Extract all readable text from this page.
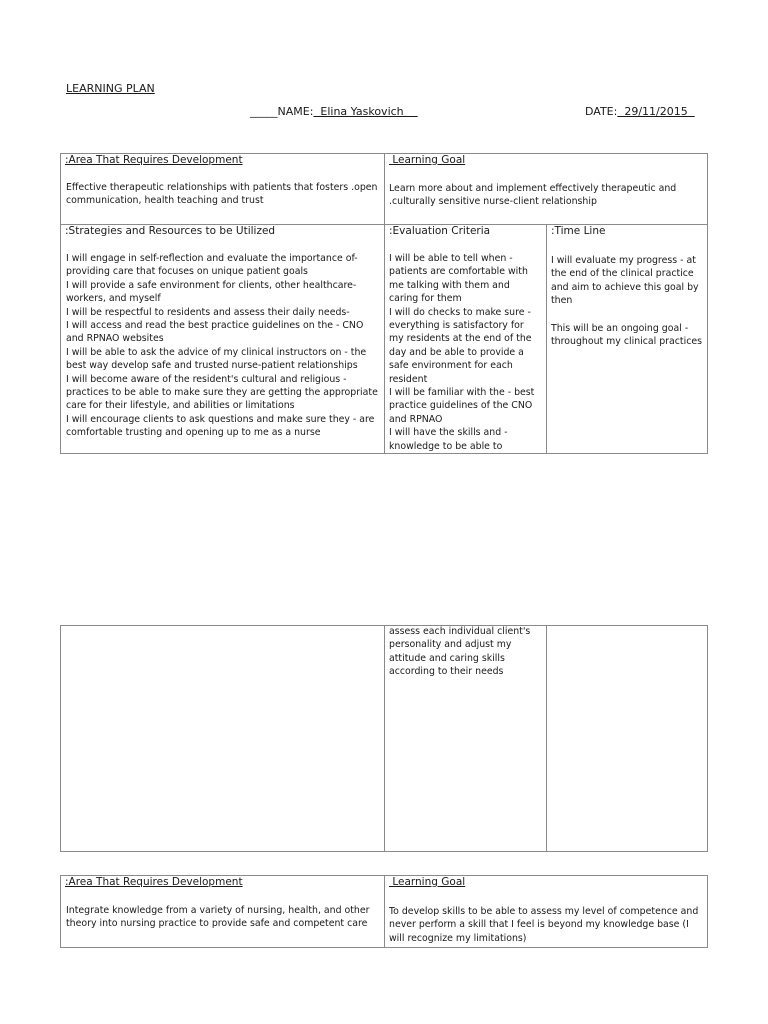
LEARNING PLAN
_____NAME:  Elina Yaskovich	DATE:  29/11/2015
:Area That Requires Development
Effective therapeutic relationships with patients that fosters .open communication, health teaching and trust
Learning Goal
Learn more about and implement effectively therapeutic and .culturally sensitive nurse-client relationship
:Strategies and Resources to be Utilized

I will engage in self-reflection and evaluate the importance of- providing care that focuses on unique patient goals

I will provide a safe environment for clients, other healthcare- workers, and myself

I will be respectful to residents and assess their daily needs-

I will access and read the best practice guidelines on the - CNO and RPNAO websites

I will be able to ask the advice of my clinical instructors on - the best way develop safe and trusted nurse-patient relationships

I will become aware of the resident's cultural and religious - practices to be able to make sure they are getting the appropriate care for their lifestyle, and abilities or limitations

I will encourage clients to ask questions and make sure they - are comfortable trusting and opening up to me as a nurse

:Evaluation Criteria

I will be able to tell when - patients are comfortable with me talking with them and caring for them

I will do checks to make sure - everything is satisfactory for my residents at the end of the day and be able to provide a safe environment for each resident

I will be familiar with the - best practice guidelines of the CNO and RPNAO

I will have the skills and - knowledge to be able to

:Time Line

I will evaluate my progress - at the end of the clinical practice and aim to achieve this goal by then

This will be an ongoing goal - throughout my clinical practices

assess each individual client's personality and adjust my attitude and caring skills according to their needs
:Area That Requires Development
Integrate knowledge from a variety of nursing, health, and other theory into nursing practice to provide safe and competent care
Learning Goal
To develop skills to be able to assess my level of competence and never perform a skill that I feel is beyond my knowledge base (I will recognize my limitations)
